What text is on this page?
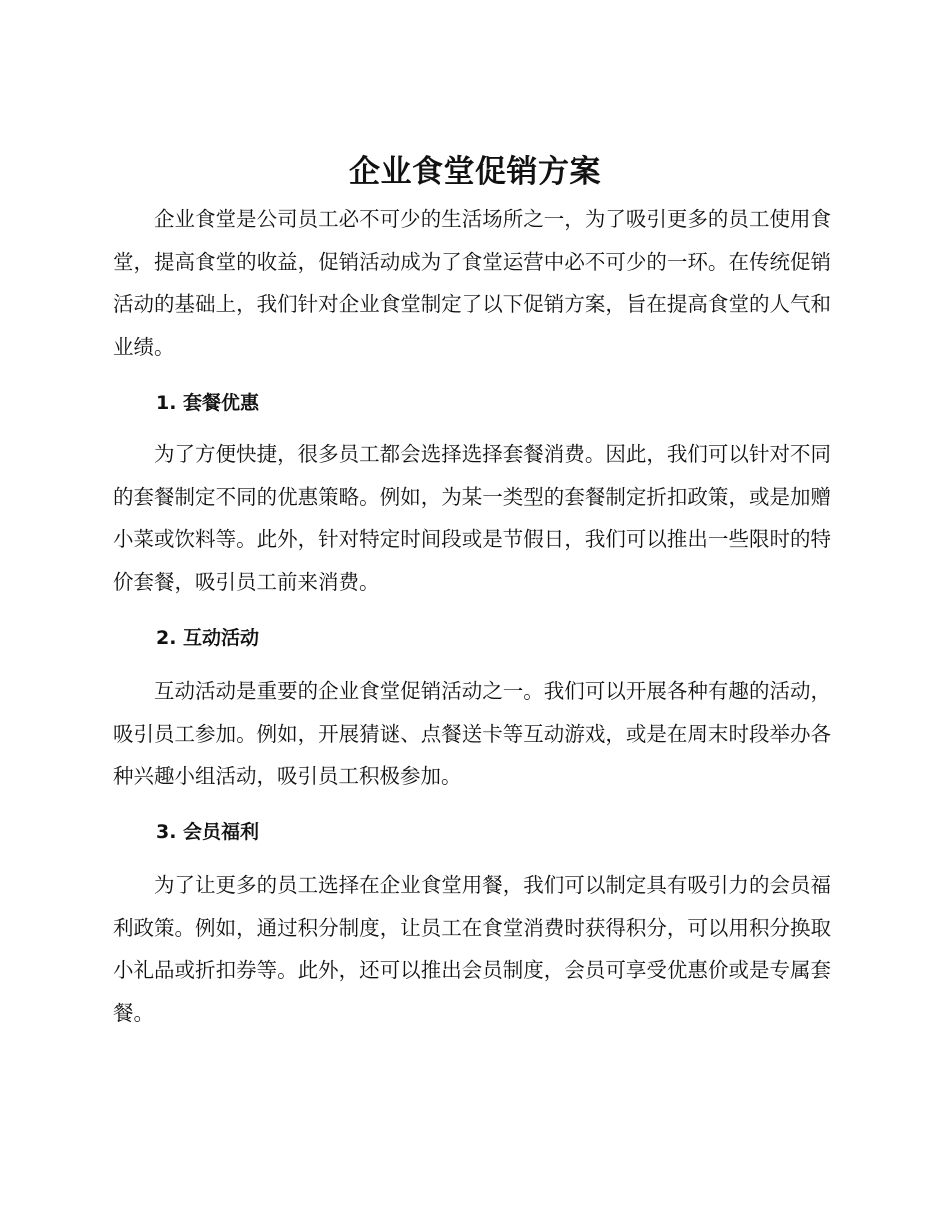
企业食堂促销方案

企业食堂是公司员工必不可少的生活场所之一，为了吸引更多的员工使用食堂，提高食堂的收益，促销活动成为了食堂运营中必不可少的一环。在传统促销活动的基础上，我们针对企业食堂制定了以下促销方案，旨在提高食堂的人气和业绩。

1. 套餐优惠

为了方便快捷，很多员工都会选择选择套餐消费。因此，我们可以针对不同的套餐制定不同的优惠策略。例如，为某一类型的套餐制定折扣政策，或是加赠小菜或饮料等。此外，针对特定时间段或是节假日，我们可以推出一些限时的特价套餐，吸引员工前来消费。

2. 互动活动

互动活动是重要的企业食堂促销活动之一。我们可以开展各种有趣的活动，吸引员工参加。例如，开展猜谜、点餐送卡等互动游戏，或是在周末时段举办各种兴趣小组活动，吸引员工积极参加。

3. 会员福利

为了让更多的员工选择在企业食堂用餐，我们可以制定具有吸引力的会员福利政策。例如，通过积分制度，让员工在食堂消费时获得积分，可以用积分换取小礼品或折扣券等。此外，还可以推出会员制度，会员可享受优惠价或是专属套餐。
